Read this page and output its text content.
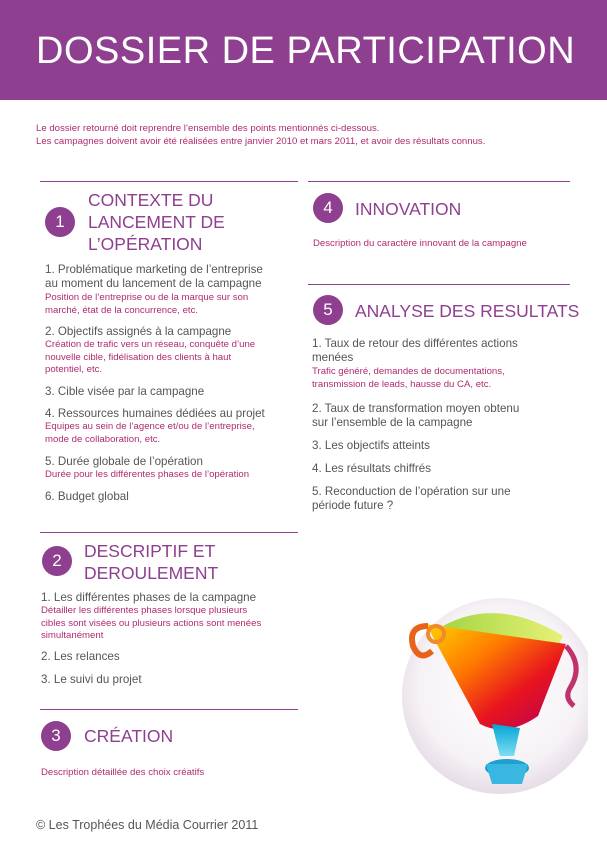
DOSSIER DE PARTICIPATION
Le dossier retourné doit reprendre l’ensemble des points mentionnés ci-dessous.
Les campagnes doivent avoir été réalisées entre janvier 2010 et mars 2011, et avoir des résultats connus.
1
CONTEXTE DU
LANCEMENT DE
L’OPÉRATION
1. Problématique marketing de l’entreprise
au moment du lancement de la campagne
Position de l’entreprise ou de la marque sur son
marché, état de la concurrence, etc.
2. Objectifs assignés à la campagne
Création de trafic vers un réseau, conquête d’une
nouvelle cible, fidélisation des clients à haut
potentiel, etc.
3. Cible visée par la campagne
4. Ressources humaines dédiées au projet
Equipes au sein de l’agence et/ou de l’entreprise,
mode de collaboration, etc.
5. Durée globale de l’opération
Durée pour les différentes phases de l’opération
6. Budget global
2	DESCRIPTIF ET
DEROULEMENT
1. Les différentes phases de la campagne
Détailler les différentes phases lorsque plusieurs
cibles sont visées ou plusieurs actions sont menées
simultanément
2. Les relances
3. Le suivi du projet
3	CRÉATION
Description détaillée des choix créatifs
4	INNOVATION
Description du caractère innovant de la campagne
5	ANALYSE DES RESULTATS
1. Taux de retour des différentes actions
menées
Trafic généré, demandes de documentations,
transmission de leads, hausse du CA, etc.
2. Taux de transformation moyen obtenu
sur l’ensemble de la campagne
3. Les objectifs atteints
4. Les résultats chiffrés
5. Reconduction de l’opération sur une
période future ?
© Les Trophées du Média Courrier 2011
